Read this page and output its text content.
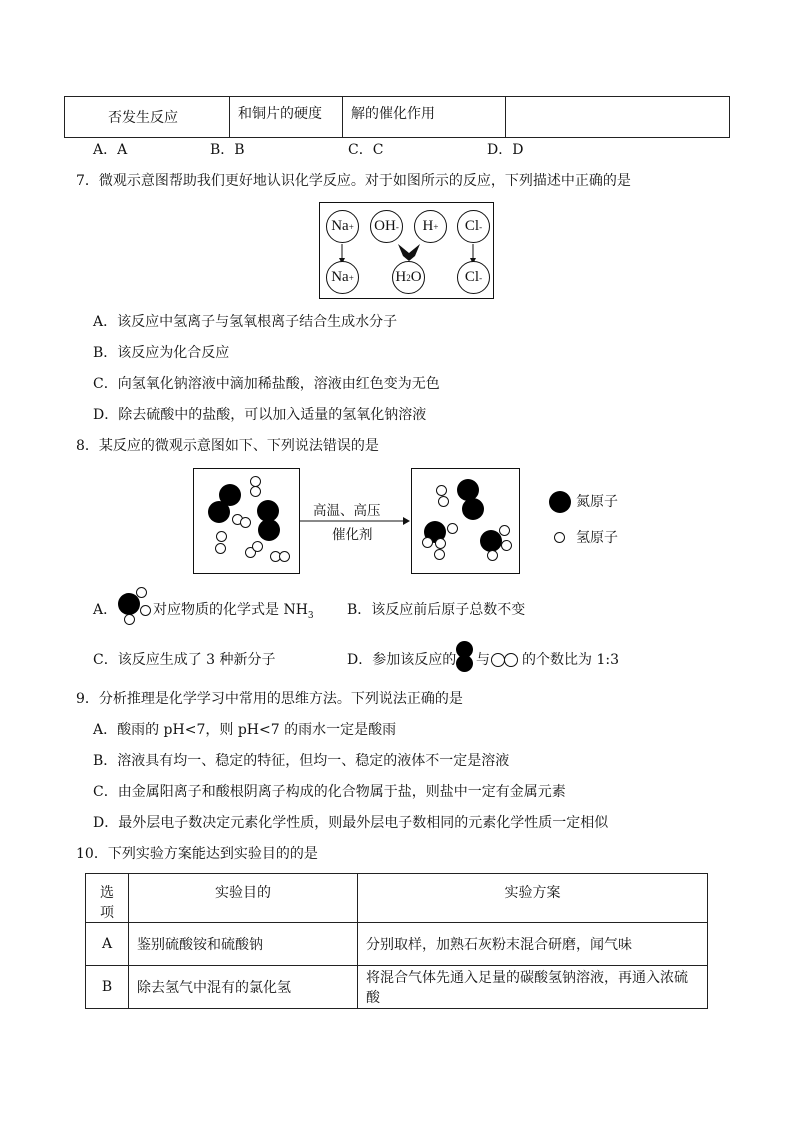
否发生反应	和铜片的硬度	解的催化作用	
A．A	B．B	C．C	D．D
7．微观示意图帮助我们更好地认识化学反应。对于如图所示的反应，下列描述中正确的是
Na + OH - H + Cl -
Na +	H 2 O	Cl -
A．该反应中氢离子与氢氧根离子结合生成水分子
B．该反应为化合反应
C．向氢氧化钠溶液中滴加稀盐酸，溶液由红色变为无色
D．除去硫酸中的盐酸，可以加入适量的氢氧化钠溶液
8．某反应的微观示意图如下、下列说法错误的是
高温、高压
催化剂
氮原子
氢原子
A．	对应物质的化学式是 $NH_3$ B．该反应前后原子总数不变
C．该反应生成了 3 种新分子	D．参加该反应的 与 的个数比为 1:3
9．分析推理是化学学习中常用的思维方法。下列说法正确的是
A．酸雨的 pH<7，则 pH<7 的雨水一定是酸雨
B．溶液具有均一、稳定的特征，但均一、稳定的液体不一定是溶液
C．由金属阳离子和酸根阴离子构成的化合物属于盐，则盐中一定有金属元素
D．最外层电子数决定元素化学性质，则最外层电子数相同的元素化学性质一定相似
10．下列实验方案能达到实验目的的是
选项	实验目的	实验方案
A	鉴别硫酸铵和硫酸钠	分别取样，加熟石灰粉末混合研磨，闻气味
B	除去氢气中混有的氯化氢	将混合气体先通入足量的碳酸氢钠溶液，再通入浓硫酸
